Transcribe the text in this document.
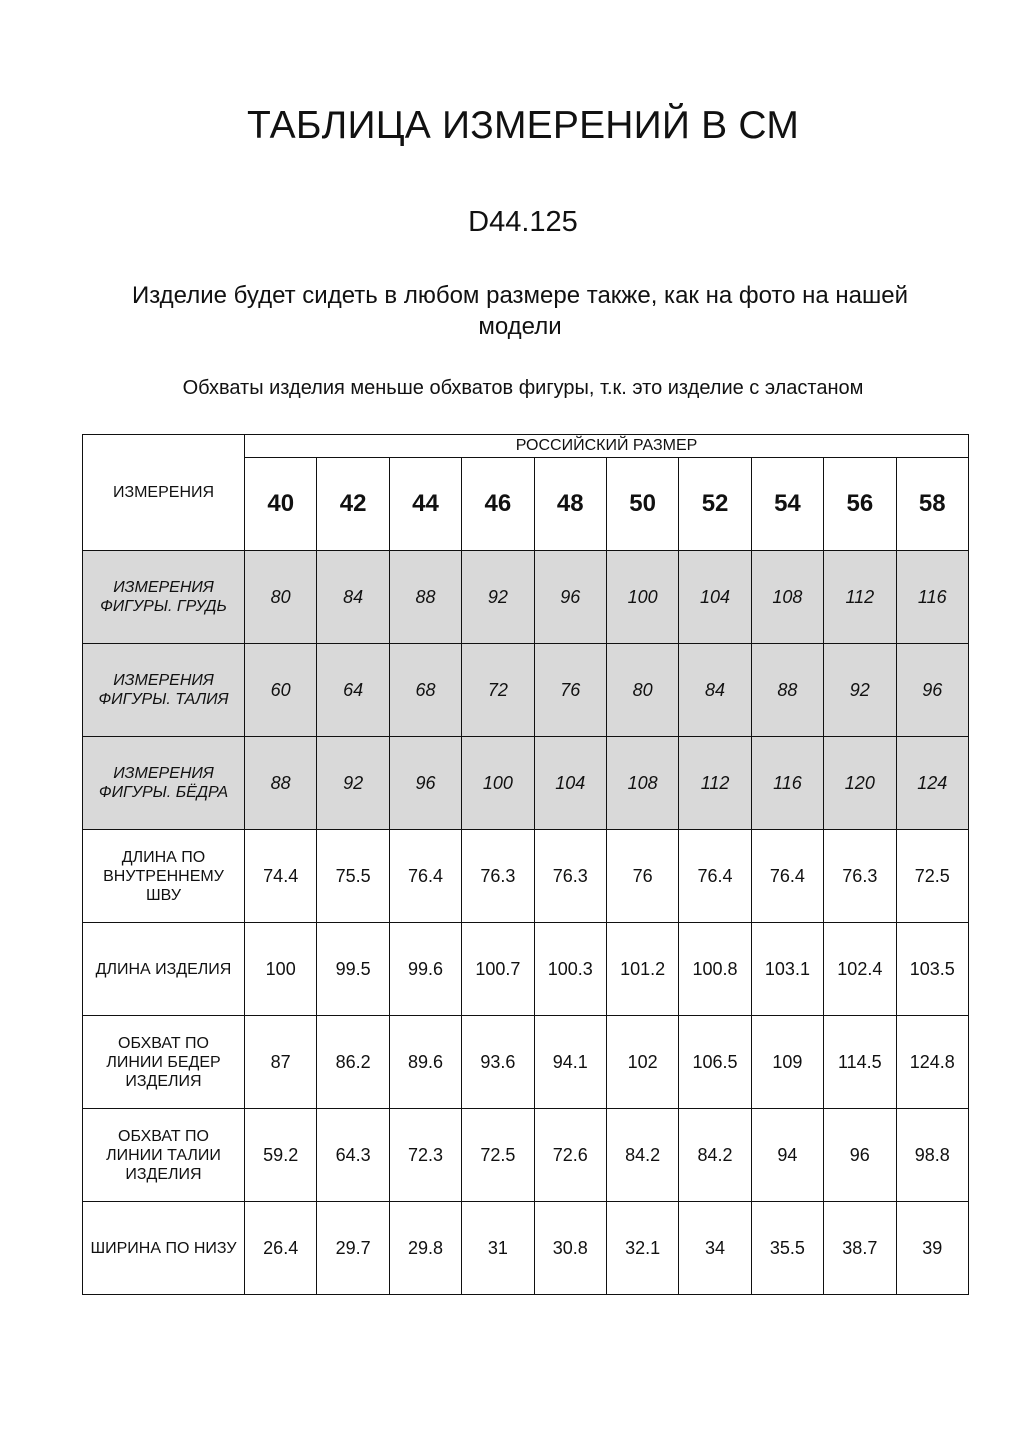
ТАБЛИЦА ИЗМЕРЕНИЙ В СМ

D44.125

Изделие будет сидеть в любом размере также, как на фото на нашей модели

Обхваты изделия меньше обхватов фигуры, т.к. это изделие с эластаном

ИЗМЕРЕНИЯ	РОССИЙСКИЙ РАЗМЕР									
	40	42	44	46	48	50	52	54	56	58
ИЗМЕРЕНИЯ ФИГУРЫ. ГРУДЬ	80	84	88	92	96	100	104	108	112	116
ИЗМЕРЕНИЯ ФИГУРЫ. ТАЛИЯ	60	64	68	72	76	80	84	88	92	96
ИЗМЕРЕНИЯ ФИГУРЫ. БЁДРА	88	92	96	100	104	108	112	116	120	124
ДЛИНА ПО ВНУТРЕННЕМУ ШВУ	74.4	75.5	76.4	76.3	76.3	76	76.4	76.4	76.3	72.5
ДЛИНА ИЗДЕЛИЯ	100	99.5	99.6	100.7	100.3	101.2	100.8	103.1	102.4	103.5
ОБХВАТ ПО ЛИНИИ БЕДЕР ИЗДЕЛИЯ	87	86.2	89.6	93.6	94.1	102	106.5	109	114.5	124.8
ОБХВАТ ПО ЛИНИИ ТАЛИИ ИЗДЕЛИЯ	59.2	64.3	72.3	72.5	72.6	84.2	84.2	94	96	98.8
ШИРИНА ПО НИЗУ	26.4	29.7	29.8	31	30.8	32.1	34	35.5	38.7	39
